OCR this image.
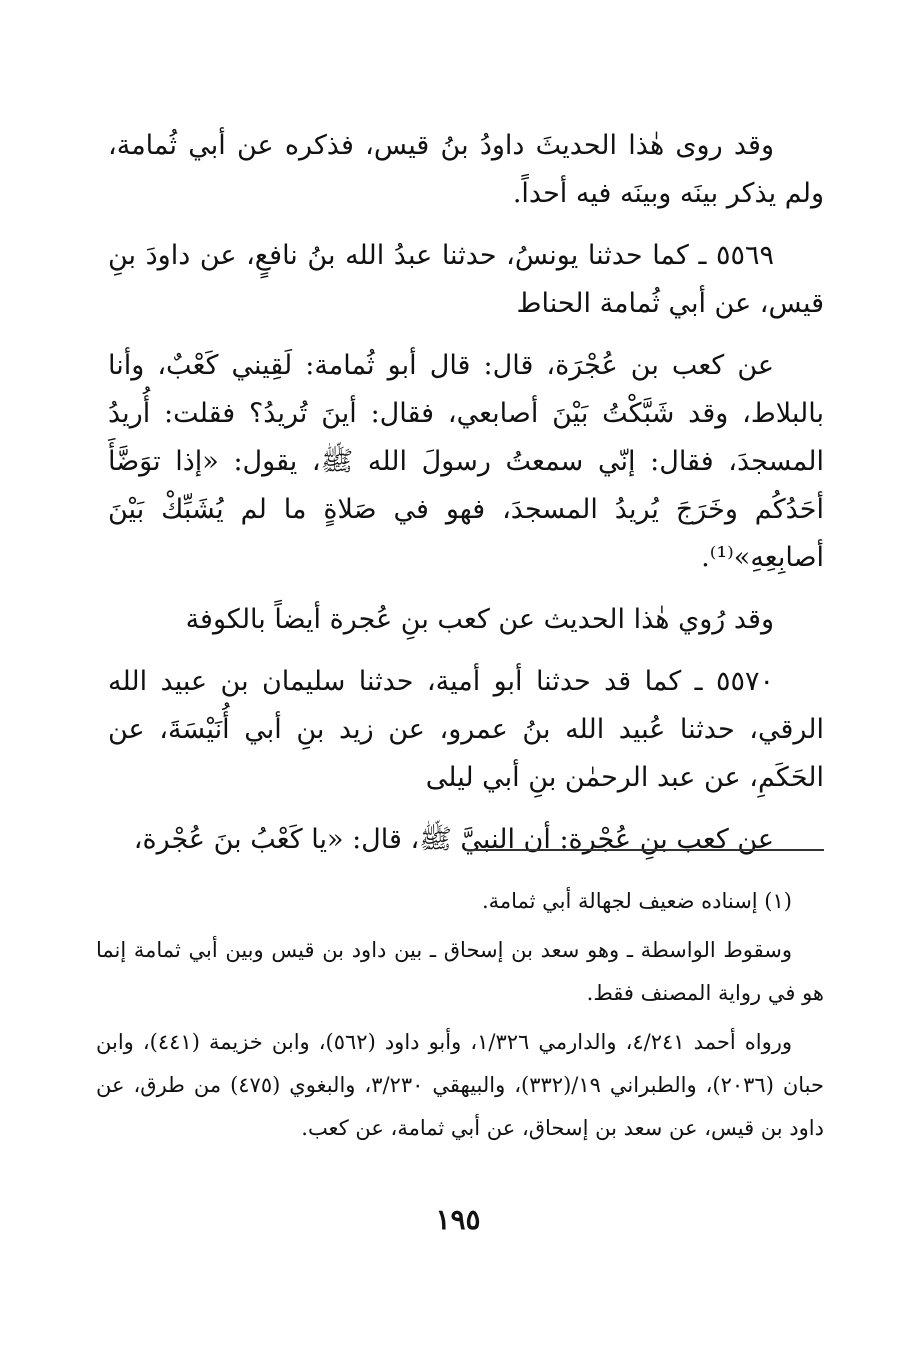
وقد روى هٰذا الحديثَ داودُ بنُ قيس، فذكره عن أبي ثُمامة، ولم يذكر بينَه وبينَه فيه أحداً.

٥٥٦٩ ـ كما حدثنا يونسُ، حدثنا عبدُ الله بنُ نافعٍ، عن داودَ بنِ قيس، عن أبي ثُمامة الحناط

عن كعب بن عُجْرَة، قال: قال أبو ثُمامة: لَقِيني كَعْبٌ، وأنا بالبلاط، وقد شَبَّكْتُ بَيْنَ أصابعي، فقال: أينَ تُريدُ؟ فقلت: أُريدُ المسجدَ، فقال: إنّي سمعتُ رسولَ الله ﷺ، يقول: «إذا توَضَّأَ أحَدُكُم وخَرَجَ يُريدُ المسجدَ، فهو في صَلاةٍ ما لم يُشَبِّكْ بَيْنَ أصابِعِهِ»⁽¹⁾.

وقد رُوي هٰذا الحديث عن كعب بنِ عُجرة أيضاً بالكوفة

٥٥٧٠ ـ كما قد حدثنا أبو أمية، حدثنا سليمان بن عبيد الله الرقي، حدثنا عُبيد الله بنُ عمرو، عن زيد بنِ أبي أُنَيْسَةَ، عن الحَكَمِ، عن عبد الرحمٰن بنِ أبي ليلى

عن كعب بنِ عُجْرة: أن النبيَّ ﷺ، قال: «يا كَعْبُ بنَ عُجْرة،

(١) إسناده ضعيف لجهالة أبي ثمامة.

وسقوط الواسطة ـ وهو سعد بن إسحاق ـ بين داود بن قيس وبين أبي ثمامة إنما هو في رواية المصنف فقط.

ورواه أحمد ٤/٢٤١، والدارمي ١/٣٢٦، وأبو داود (٥٦٢)، وابن خزيمة (٤٤١)، وابن حبان (٢٠٣٦)، والطبراني ١٩/(٣٣٢)، والبيهقي ٣/٢٣٠، والبغوي (٤٧٥) من طرق، عن داود بن قيس، عن سعد بن إسحاق، عن أبي ثمامة، عن كعب.

١٩٥
